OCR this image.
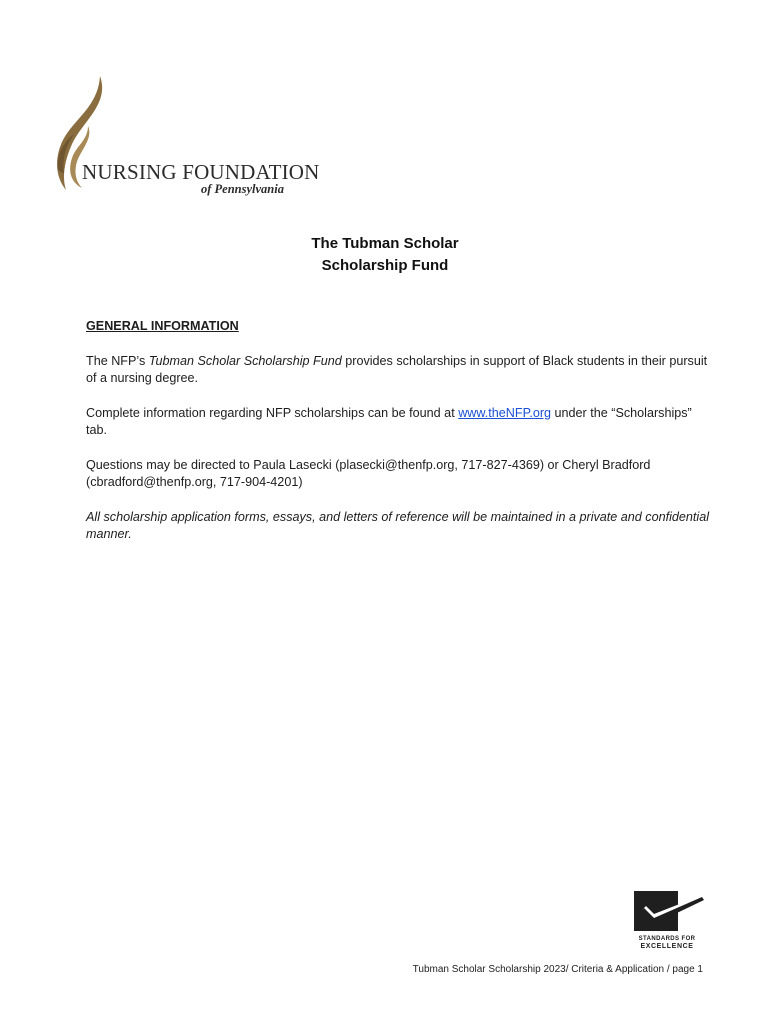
NURSING FOUNDATION
of Pennsylvania
The Tubman Scholar
Scholarship Fund
GENERAL INFORMATION

The NFP’s Tubman Scholar Scholarship Fund provides scholarships in support of Black students in their pursuit of a nursing degree.

Complete information regarding NFP scholarships can be found at www.theNFP.org under the “Scholarships” tab.

Questions may be directed to Paula Lasecki (plasecki@thenfp.org, 717-827-4369) or Cheryl Bradford (cbradford@thenfp.org, 717-904-4201)

All scholarship application forms, essays, and letters of reference will be maintained in a private and confidential manner.

STANDARDS FOR
EXCELLENCE
Tubman Scholar Scholarship 2023/ Criteria & Application / page 1
